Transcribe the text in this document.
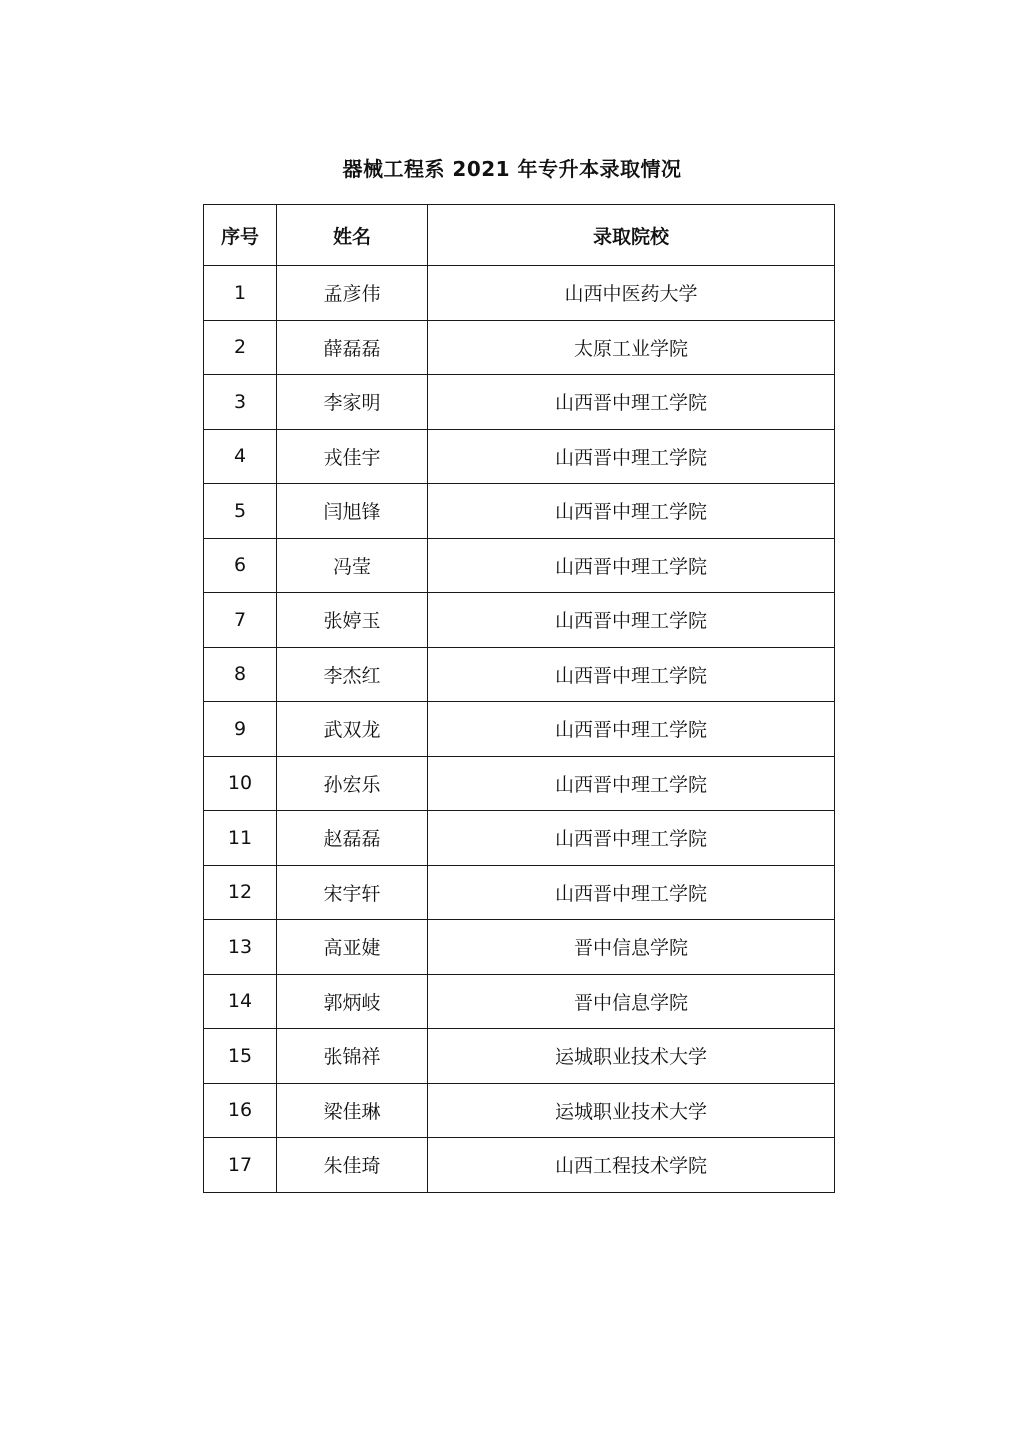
器械工程系 2021 年专升本录取情况
序号	姓名	录取院校
1	孟彦伟	山西中医药大学
2	薛磊磊	太原工业学院
3	李家明	山西晋中理工学院
4	戎佳宇	山西晋中理工学院
5	闫旭锋	山西晋中理工学院
6	冯莹	山西晋中理工学院
7	张婷玉	山西晋中理工学院
8	李杰红	山西晋中理工学院
9	武双龙	山西晋中理工学院
10	孙宏乐	山西晋中理工学院
11	赵磊磊	山西晋中理工学院
12	宋宇轩	山西晋中理工学院
13	高亚婕	晋中信息学院
14	郭炳岐	晋中信息学院
15	张锦祥	运城职业技术大学
16	梁佳琳	运城职业技术大学
17	朱佳琦	山西工程技术学院
